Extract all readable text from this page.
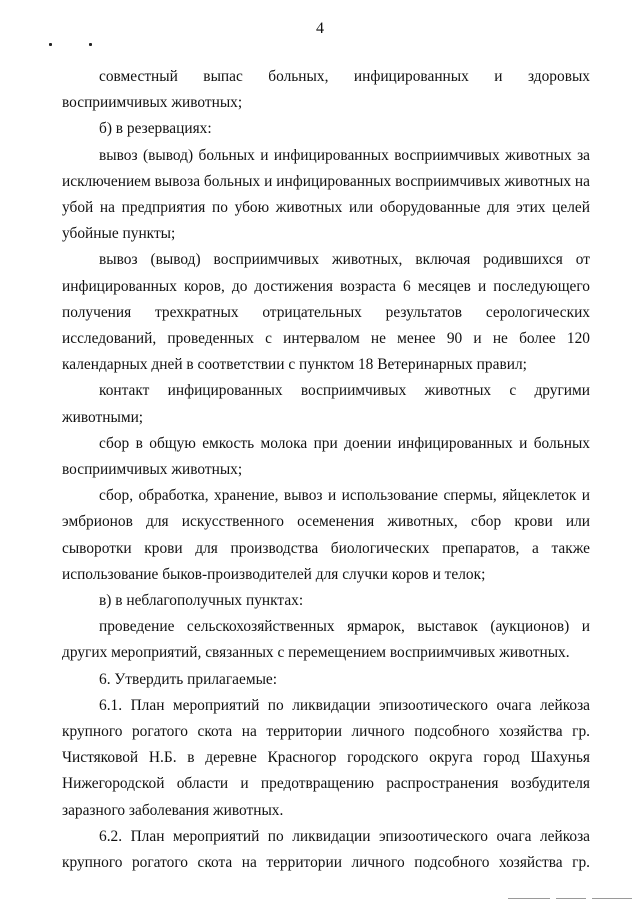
4

совместный выпас больных, инфицированных и здоровых восприимчивых животных;

б) в резервациях:

вывоз (вывод) больных и инфицированных восприимчивых животных за исключением вывоза больных и инфицированных восприимчивых животных на убой на предприятия по убою животных или оборудованные для этих целей убойные пункты;

вывоз (вывод) восприимчивых животных, включая родившихся от инфицированных коров, до достижения возраста 6 месяцев и последующего получения трехкратных отрицательных результатов серологических исследований, проведенных с интервалом не менее 90 и не более 120 календарных дней в соответствии с пунктом 18 Ветеринарных правил;

контакт инфицированных восприимчивых животных с другими животными;

сбор в общую емкость молока при доении инфицированных и больных восприимчивых животных;

сбор, обработка, хранение, вывоз и использование спермы, яйцеклеток и эмбрионов для искусственного осеменения животных, сбор крови или сыворотки крови для производства биологических препаратов, а также использование быков-производителей для случки коров и телок;

в) в неблагополучных пунктах:

проведение сельскохозяйственных ярмарок, выставок (аукционов) и других мероприятий, связанных с перемещением восприимчивых животных.

6. Утвердить прилагаемые:

6.1. План мероприятий по ликвидации эпизоотического очага лейкоза крупного рогатого скота на территории личного подсобного хозяйства гр. Чистяковой Н.Б. в деревне Красногор городского округа город Шахунья Нижегородской области и предотвращению распространения возбудителя заразного заболевания животных.

6.2. План мероприятий по ликвидации эпизоотического очага лейкоза крупного рогатого скота на территории личного подсобного хозяйства гр.
